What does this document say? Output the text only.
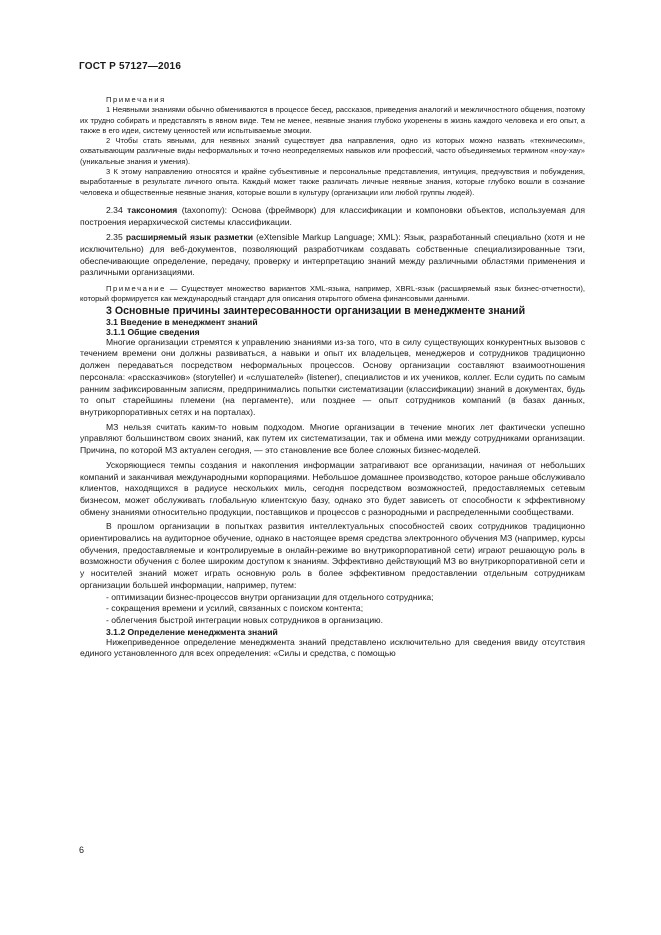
ГОСТ Р 57127—2016

Примечания

1 Неявными знаниями обычно обмениваются в процессе бесед, рассказов, приведения аналогий и межличностного общения, поэтому их трудно собирать и представлять в явном виде. Тем не менее, неявные знания глубоко укоренены в жизнь каждого человека и его опыт, а также в его идеи, систему ценностей или испытываемые эмоции.

2 Чтобы стать явными, для неявных знаний существует два направления, одно из которых можно назвать «техническим», охватывающим различные виды неформальных и точно неопределяемых навыков или профессий, часто объединяемых термином «ноу-хау» (уникальные знания и умения).

3 К этому направлению относятся и крайне субъективные и персональные представления, интуиция, предчувствия и побуждения, выработанные в результате личного опыта. Каждый может также различать личные неявные знания, которые глубоко вошли в сознание человека и общественные неявные знания, которые вошли в культуру (организации или любой группы людей).

2.34 таксономия (taxonomy): Основа (фреймворк) для классификации и компоновки объектов, используемая для построения иерархической системы классификации.

2.35 расширяемый язык разметки (eXtensible Markup Language; XML): Язык, разработанный специально (хотя и не исключительно) для веб-документов, позволяющий разработчикам создавать собственные специализированные тэги, обеспечивающие определение, передачу, проверку и интерпретацию знаний между различными областями применения и различными организациями.

Примечание — Существует множество вариантов XML-языка, например, XBRL-язык (расширяемый язык бизнес-отчетности), который формируется как международный стандарт для описания открытого обмена финансовыми данными.

3 Основные причины заинтересованности организации в менеджменте знаний

3.1 Введение в менеджмент знаний

3.1.1 Общие сведения

Многие организации стремятся к управлению знаниями из-за того, что в силу существующих конкурентных вызовов с течением времени они должны развиваться, а навыки и опыт их владельцев, менеджеров и сотрудников традиционно должен передаваться посредством неформальных процессов. Основу организации составляют взаимоотношения персонала: «рассказчиков» (storyteller) и «слушателей» (listener), специалистов и их учеников, коллег. Если судить по самым ранним зафиксированным записям, предпринимались попытки систематизации (классификации) знаний в документах, будь то опыт старейшины племени (на пергаменте), или позднее — опыт сотрудников компаний (в базах данных, внутрикорпоративных сетях и на порталах).

МЗ нельзя считать каким-то новым подходом. Многие организации в течение многих лет фактически успешно управляют большинством своих знаний, как путем их систематизации, так и обмена ими между сотрудниками организации. Причина, по которой МЗ актуален сегодня, — это становление все более сложных бизнес-моделей.

Ускоряющиеся темпы создания и накопления информации затрагивают все организации, начиная от небольших компаний и заканчивая международными корпорациями. Небольшое домашнее производство, которое раньше обслуживало клиентов, находящихся в радиусе нескольких миль, сегодня посредством возможностей, предоставляемых сетевым бизнесом, может обслуживать глобальную клиентскую базу, однако это будет зависеть от способности к эффективному обмену знаниями относительно продукции, поставщиков и процессов с разнородными и распределенными сообществами.

В прошлом организации в попытках развития интеллектуальных способностей своих сотрудников традиционно ориентировались на аудиторное обучение, однако в настоящее время средства электронного обучения МЗ (например, курсы обучения, предоставляемые и контролируемые в онлайн-режиме во внутрикорпоративной сети) играют решающую роль в возможности обучения с более широким доступом к знаниям. Эффективно действующий МЗ во внутрикорпоративной сети и у носителей знаний может играть основную роль в более эффективном предоставлении отдельным сотрудникам организации большей информации, например, путем:

- оптимизации бизнес-процессов внутри организации для отдельного сотрудника;

- сокращения времени и усилий, связанных с поиском контента;

- облегчения быстрой интеграции новых сотрудников в организацию.

3.1.2 Определение менеджмента знаний

Нижеприведенное определение менеджмента знаний представлено исключительно для сведения ввиду отсутствия единого установленного для всех определения: «Силы и средства, с помощью

6
